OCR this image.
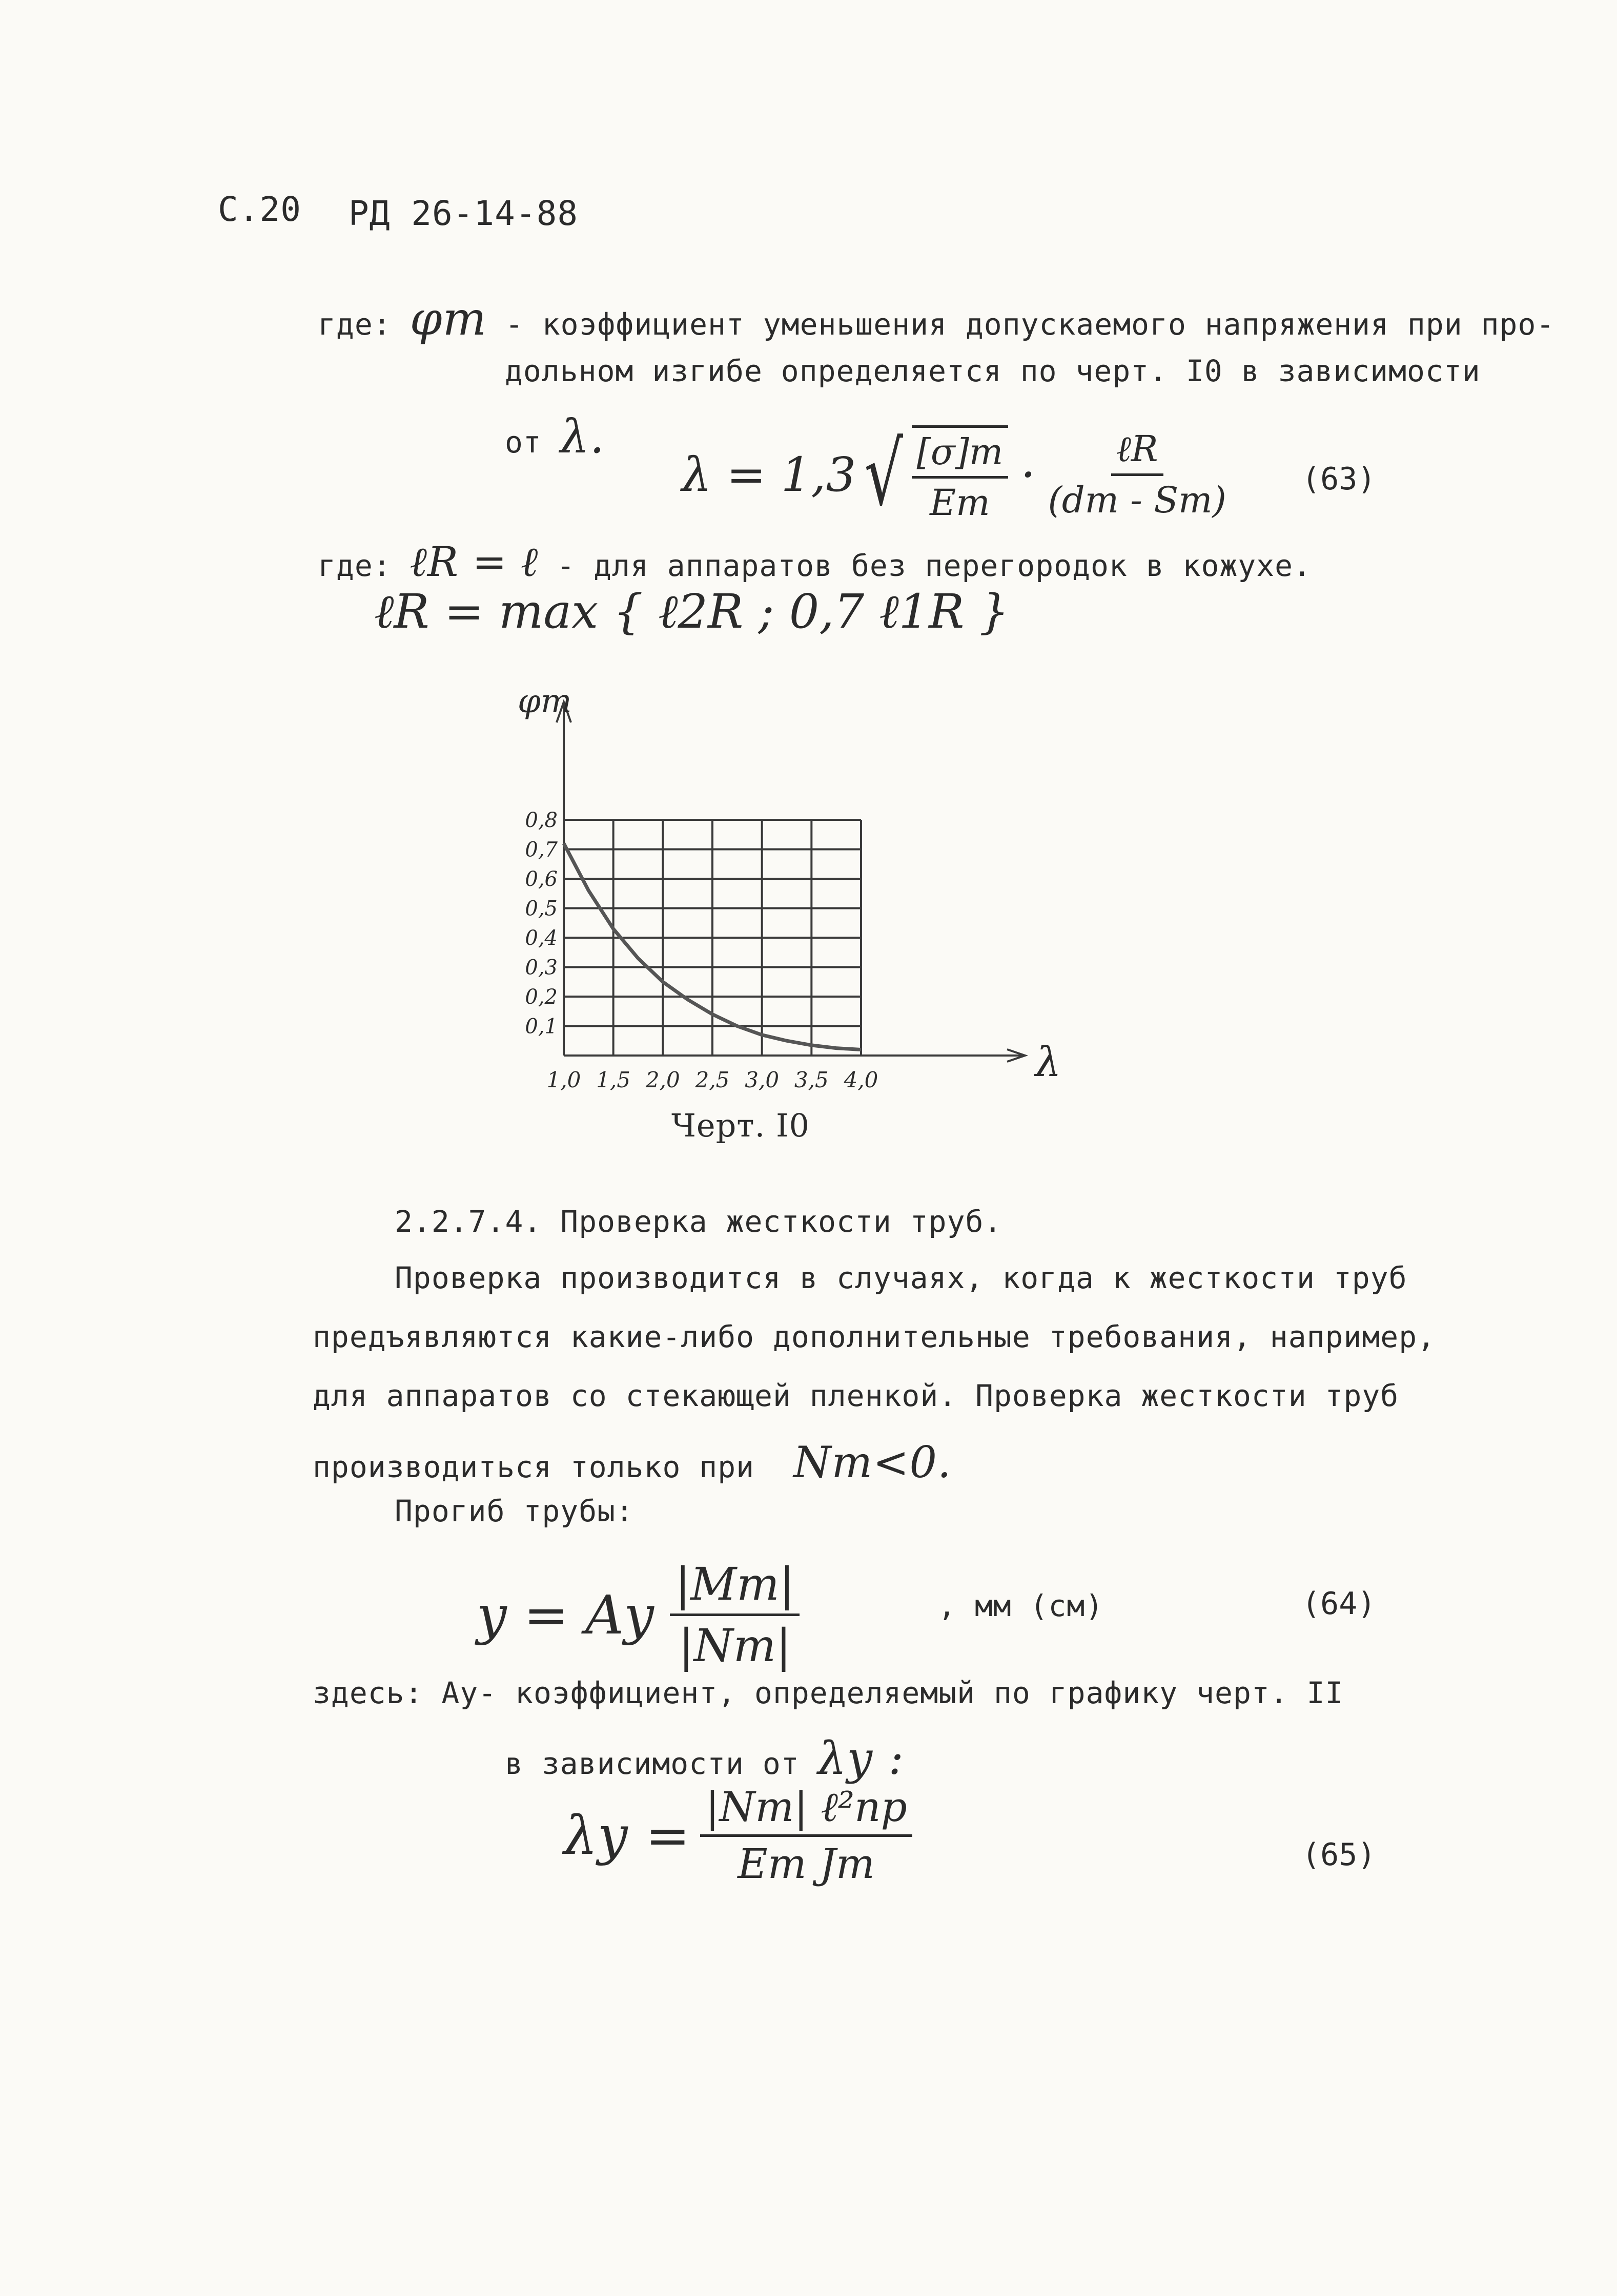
С.20 РД 26-14-88
где: φт - коэффициент уменьшения допускаемого напряжения при про-
дольном изгибе определяется по черт. I0 в зависимости
от λ.
λ = 1,3 √ $\frac{[\sigma]т}{Eт} \cdot \frac{\text{ℓR}}{(dт - Sт)} (63)$
где: ℓR = ℓ - для аппаратов без перегородок в кожухе.
ℓR = max { ℓ2R ; 0,7 ℓ1R }
1,0 1,5 2,0 2,5 3,0 3,5 4,0
0,1
0,2
0,3
0,4
0,5
0,6
0,7
0,8
φт
λ
Черт. I0
2.2.7.4. Проверка жесткости труб.
Проверка производится в случаях, когда к жесткости труб
предъявляются какие-либо дополнительные требования, например,
для аппаратов со стекающей пленкой. Проверка жесткости труб
производиться только при Nт<0.
Прогиб трубы:
y = Aу $\frac{|Mт|}{|Nт|}$	, мм (см)	(64)
здесь: Aу- коэффициент, определяемый по графику черт. II
в зависимости от λу :
$\lambda у = \frac{\text{|Nт| ℓ²пр}}{\text{Eт Jт}}$	(65)
